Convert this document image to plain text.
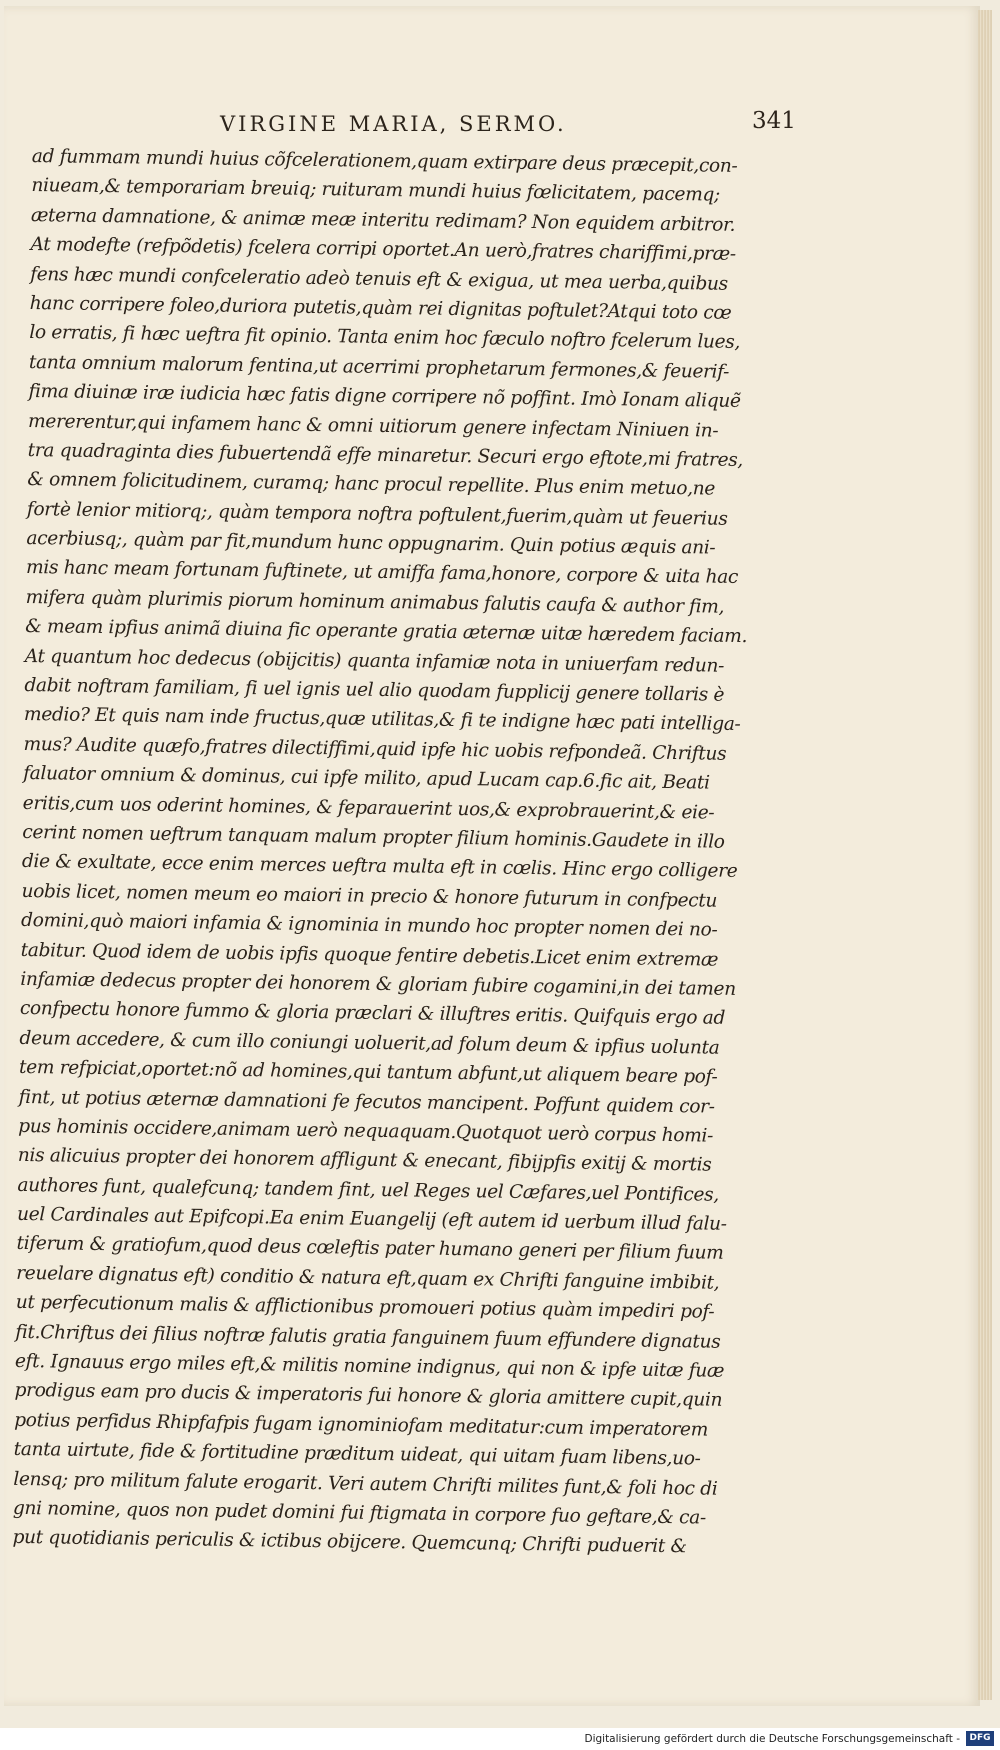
VIRGINE MARIA, SERMO.	341
ad fummam mundi huius cõfcelerationem,quam extirpare deus præcepit,con-
niueam,& temporariam breuiq; ruituram mundi huius fœlicitatem, pacemq;
æterna damnatione, & animæ meæ interitu redimam? Non equidem arbitror.
At modefte (refpõdetis) fcelera corripi oportet.An uerò,fratres chariffimi,præ-
fens hæc mundi confceleratio adeò tenuis eft & exigua, ut mea uerba,quibus
hanc corripere foleo,duriora putetis,quàm rei dignitas poftulet?Atqui toto cœ
lo erratis, fi hæc ueftra fit opinio. Tanta enim hoc fæculo noftro fcelerum lues,
tanta omnium malorum fentina,ut acerrimi prophetarum fermones,& feuerif-
fima diuinæ iræ iudicia hæc fatis digne corripere nõ poffint. Imò Ionam aliquẽ
mererentur,qui infamem hanc & omni uitiorum genere infectam Niniuen in-
tra quadraginta dies fubuertendã effe minaretur. Securi ergo eftote,mi fratres,
& omnem folicitudinem, curamq; hanc procul repellite. Plus enim metuo,ne
fortè lenior mitiorq;, quàm tempora noftra poftulent,fuerim,quàm ut feuerius
acerbiusq;, quàm par fit,mundum hunc oppugnarim. Quin potius æquis ani-
mis hanc meam fortunam fuftinete, ut amiffa fama,honore, corpore & uita hac
mifera quàm plurimis piorum hominum animabus falutis caufa & author fim,
& meam ipfius animã diuina fic operante gratia æternæ uitæ hæredem faciam.
At quantum hoc dedecus (obijcitis) quanta infamiæ nota in uniuerfam redun-
dabit noftram familiam, fi uel ignis uel alio quodam fupplicij genere tollaris è
medio? Et quis nam inde fructus,quæ utilitas,& fi te indigne hæc pati intelliga-
mus? Audite quæfo,fratres dilectiffimi,quid ipfe hic uobis refpondeã. Chriftus
faluator omnium & dominus, cui ipfe milito, apud Lucam cap.6.fic ait, Beati
eritis,cum uos oderint homines, & feparauerint uos,& exprobrauerint,& eie-
cerint nomen ueftrum tanquam malum propter filium hominis.Gaudete in illo
die & exultate, ecce enim merces ueftra multa eft in cœlis. Hinc ergo colligere
uobis licet, nomen meum eo maiori in precio & honore futurum in confpectu
domini,quò maiori infamia & ignominia in mundo hoc propter nomen dei no-
tabitur. Quod idem de uobis ipfis quoque fentire debetis.Licet enim extremæ
infamiæ dedecus propter dei honorem & gloriam fubire cogamini,in dei tamen
confpectu honore fummo & gloria præclari & illuftres eritis. Quifquis ergo ad
deum accedere, & cum illo coniungi uoluerit,ad folum deum & ipfius uolunta
tem refpiciat,oportet:nõ ad homines,qui tantum abfunt,ut aliquem beare pof-
fint, ut potius æternæ damnationi fe fecutos mancipent. Poffunt quidem cor-
pus hominis occidere,animam uerò nequaquam.Quotquot uerò corpus homi-
nis alicuius propter dei honorem affligunt & enecant, fibijpfis exitij & mortis
authores funt, qualefcunq; tandem fint, uel Reges uel Cæfares,uel Pontifices,
uel Cardinales aut Epifcopi.Ea enim Euangelij (eft autem id uerbum illud falu-
tiferum & gratiofum,quod deus cœleftis pater humano generi per filium fuum
reuelare dignatus eft) conditio & natura eft,quam ex Chrifti fanguine imbibit,
ut perfecutionum malis & afflictionibus promoueri potius quàm impediri pof-
fit.Chriftus dei filius noftræ falutis gratia fanguinem fuum effundere dignatus
eft. Ignauus ergo miles eft,& militis nomine indignus, qui non & ipfe uitæ fuæ
prodigus eam pro ducis & imperatoris fui honore & gloria amittere cupit,quin
potius perfidus Rhipfafpis fugam ignominiofam meditatur:cum imperatorem
tanta uirtute, fide & fortitudine præditum uideat, qui uitam fuam libens,uo-
lensq; pro militum falute erogarit. Veri autem Chrifti milites funt,& foli hoc di
gni nomine, quos non pudet domini fui ftigmata in corpore fuo geftare,& ca-
put quotidianis periculis & ictibus obijcere. Quemcunq; Chrifti puduerit &
Digitalisierung gefördert durch die Deutsche Forschungsgemeinschaft -	DFG
